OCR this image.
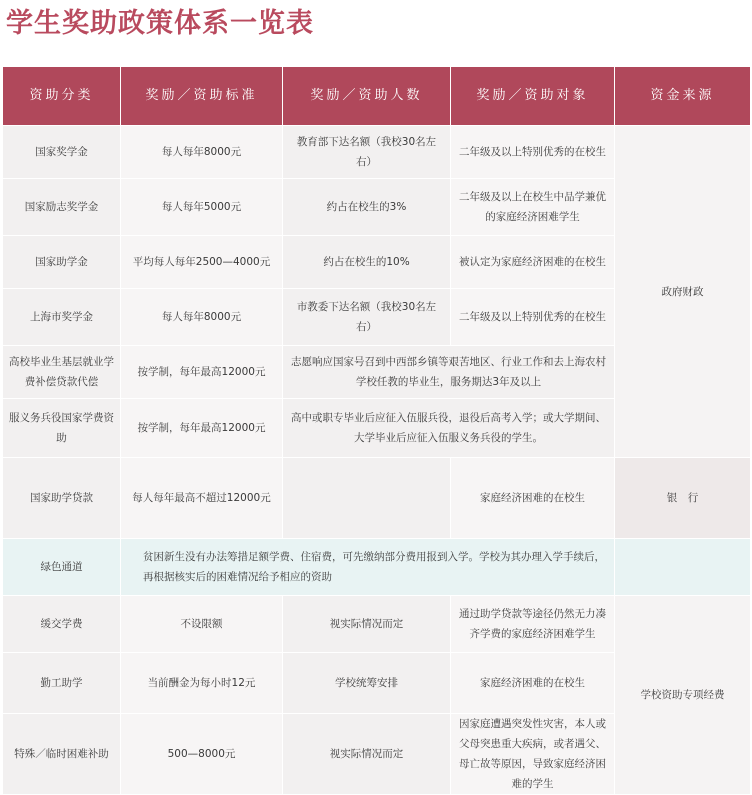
学生奖助政策体系一览表
资助分类	奖励／资助标准	奖励／资助人数	奖励／资助对象	资金来源
国家奖学金	每人每年8000元	教育部下达名额（我校30名左右）	二年级及以上特别优秀的在校生	政府财政
国家励志奖学金	每人每年5000元	约占在校生的3%	二年级及以上在校生中品学兼优的家庭经济困难学生	
国家助学金	平均每人每年2500—4000元	约占在校生的10%	被认定为家庭经济困难的在校生	
上海市奖学金	每人每年8000元	市教委下达名额（我校30名左右）	二年级及以上特别优秀的在校生	
高校毕业生基层就业学费补偿贷款代偿	按学制，每年最高12000元	志愿响应国家号召到中西部乡镇等艰苦地区、行业工作和去上海农村学校任教的毕业生，服务期达3年及以上		
服义务兵役国家学费资助	按学制，每年最高12000元	高中或职专毕业后应征入伍服兵役，退役后高考入学；或大学期间、大学毕业后应征入伍服义务兵役的学生。		
国家助学贷款	每人每年最高不超过12000元		家庭经济困难的在校生	银　行
绿色通道	贫困新生没有办法筹措足额学费、住宿费，可先缴纳部分费用报到入学。学校为其办理入学手续后，再根据核实后的困难情况给予相应的资助			
缓交学费	不设限额	视实际情况而定	通过助学贷款等途径仍然无力凑齐学费的家庭经济困难学生	学校资助专项经费
勤工助学	当前酬金为每小时12元	学校统筹安排	家庭经济困难的在校生	
特殊／临时困难补助	500—8000元	视实际情况而定	因家庭遭遇突发性灾害，本人或父母突患重大疾病，或者遇父、母亡故等原因，导致家庭经济困难的学生	
